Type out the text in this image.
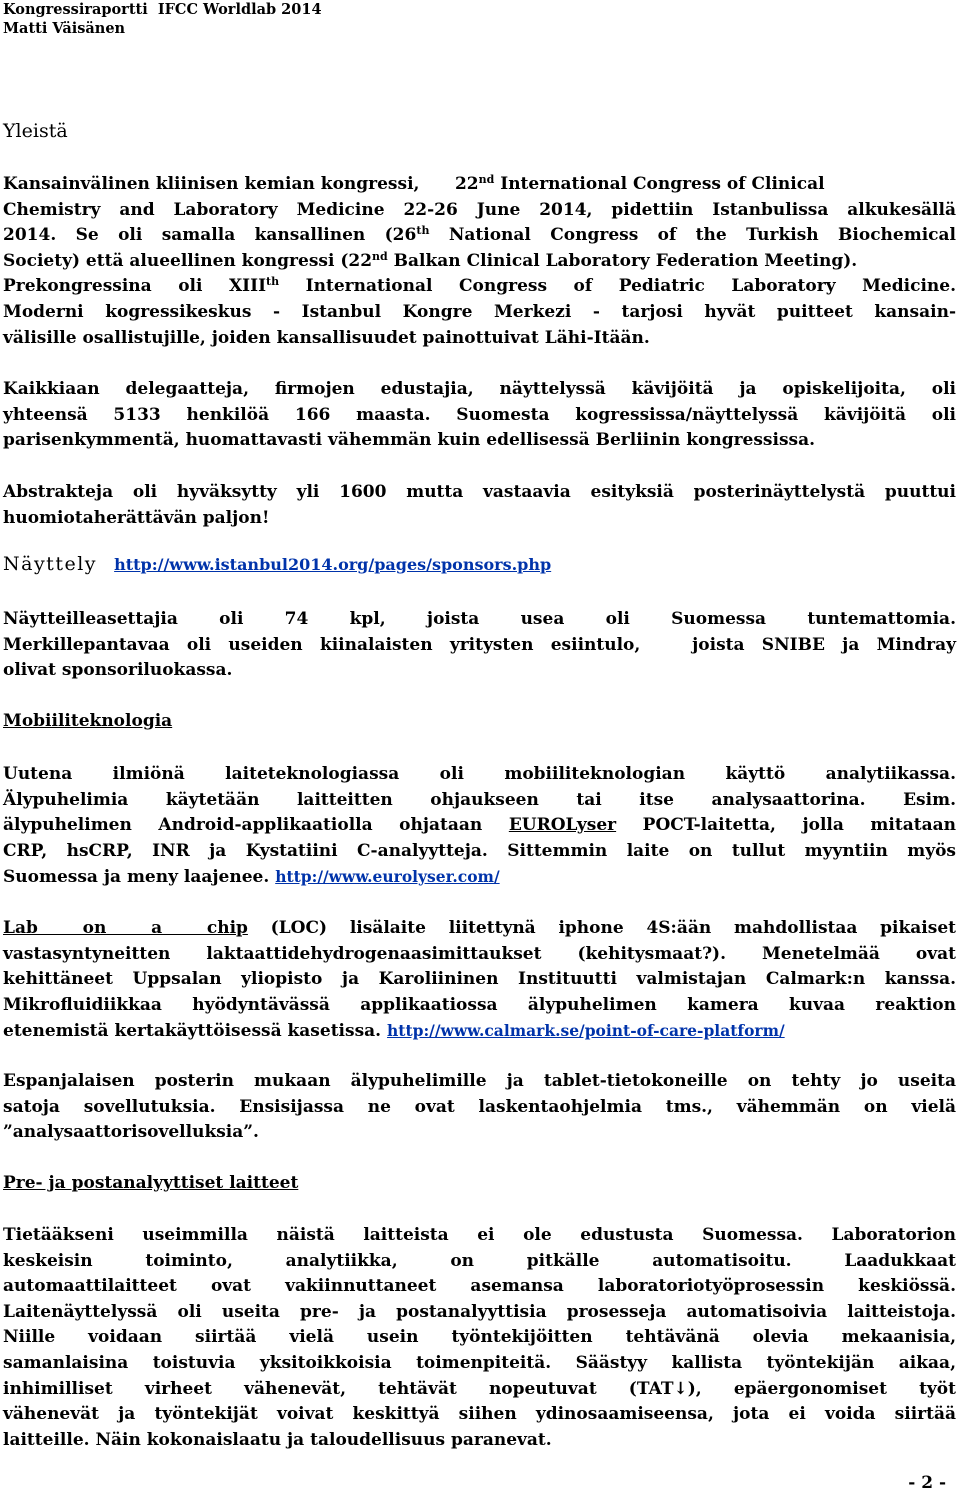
Kongressiraportti  IFCC Worldlab 2014
Matti Väisänen
Yleistä
Kansainvälinen kliinisen kemian kongressi,      22nd International Congress of Clinical
Chemistry and Laboratory Medicine 22-26 June 2014, pidettiin Istanbulissa alkukesällä
2014. Se oli samalla kansallinen (26th National Congress of the Turkish Biochemical
Society) että alueellinen kongressi (22nd Balkan Clinical Laboratory Federation Meeting).
Prekongressina oli XIIIth International Congress of Pediatric Laboratory Medicine.
Moderni kogressikeskus - Istanbul Kongre Merkezi - tarjosi hyvät puitteet kansain-
välisille osallistujille, joiden kansallisuudet painottuivat Lähi-Itään.
Kaikkiaan delegaatteja, firmojen edustajia, näyttelyssä kävijöitä ja opiskelijoita, oli
yhteensä 5133 henkilöä 166 maasta. Suomesta kogressissa/näyttelyssä kävijöitä oli
parisenkymmentä, huomattavasti vähemmän kuin edellisessä Berliinin kongressissa.
Abstrakteja oli hyväksytty yli 1600 mutta vastaavia esityksiä posterinäyttelystä puuttui
huomiotaherättävän paljon!
Näyttely http://www.istanbul2014.org/pages/sponsors.php
Näytteilleasettajia oli 74 kpl, joista usea oli Suomessa tuntemattomia.
Merkillepantavaa oli useiden kiinalaisten yritysten esiintulo,   joista SNIBE ja Mindray
olivat sponsoriluokassa.
Mobiiliteknologia
Uutena ilmiönä laiteteknologiassa oli mobiiliteknologian käyttö analytiikassa.
Älypuhelimia käytetään laitteitten ohjaukseen tai itse analysaattorina. Esim.
älypuhelimen Android-applikaatiolla ohjataan EUROLyser POCT-laitetta, jolla mitataan
CRP, hsCRP, INR ja Kystatiini C-analyytteja. Sittemmin laite on tullut myyntiin myös
Suomessa ja meny laajenee. http://www.eurolyser.com/
Lab on a chip (LOC) lisälaite liitettynä iphone 4S:ään mahdollistaa pikaiset
vastasyntyneitten laktaattidehydrogenaasimittaukset (kehitysmaat?). Menetelmää ovat
kehittäneet Uppsalan yliopisto ja Karoliininen Instituutti valmistajan Calmark:n kanssa.
Mikrofluidiikkaa hyödyntävässä applikaatiossa älypuhelimen kamera kuvaa reaktion
etenemistä kertakäyttöisessä kasetissa. http://www.calmark.se/point-of-care-platform/
Espanjalaisen posterin mukaan älypuhelimille ja tablet-tietokoneille on tehty jo useita
satoja sovellutuksia. Ensisijassa ne ovat laskentaohjelmia tms., vähemmän on vielä
”analysaattorisovelluksia”.
Pre- ja postanalyyttiset laitteet
Tietääkseni useimmilla näistä laitteista ei ole edustusta Suomessa. Laboratorion
keskeisin toiminto, analytiikka, on pitkälle automatisoitu. Laadukkaat
automaattilaitteet ovat vakiinnuttaneet asemansa laboratoriotyöprosessin keskiössä.
Laitenäyttelyssä oli useita pre- ja postanalyyttisia prosesseja automatisoivia laitteistoja.
Niille voidaan siirtää vielä usein työntekijöitten tehtävänä olevia mekaanisia,
samanlaisina toistuvia yksitoikkoisia toimenpiteitä. Säästyy kallista työntekijän aikaa,
inhimilliset virheet vähenevät, tehtävät nopeutuvat (TAT↓), epäergonomiset työt
vähenevät ja työntekijät voivat keskittyä siihen ydinosaamiseensa, jota ei voida siirtää
laitteille. Näin kokonaislaatu ja taloudellisuus paranevat.
- 2 -
